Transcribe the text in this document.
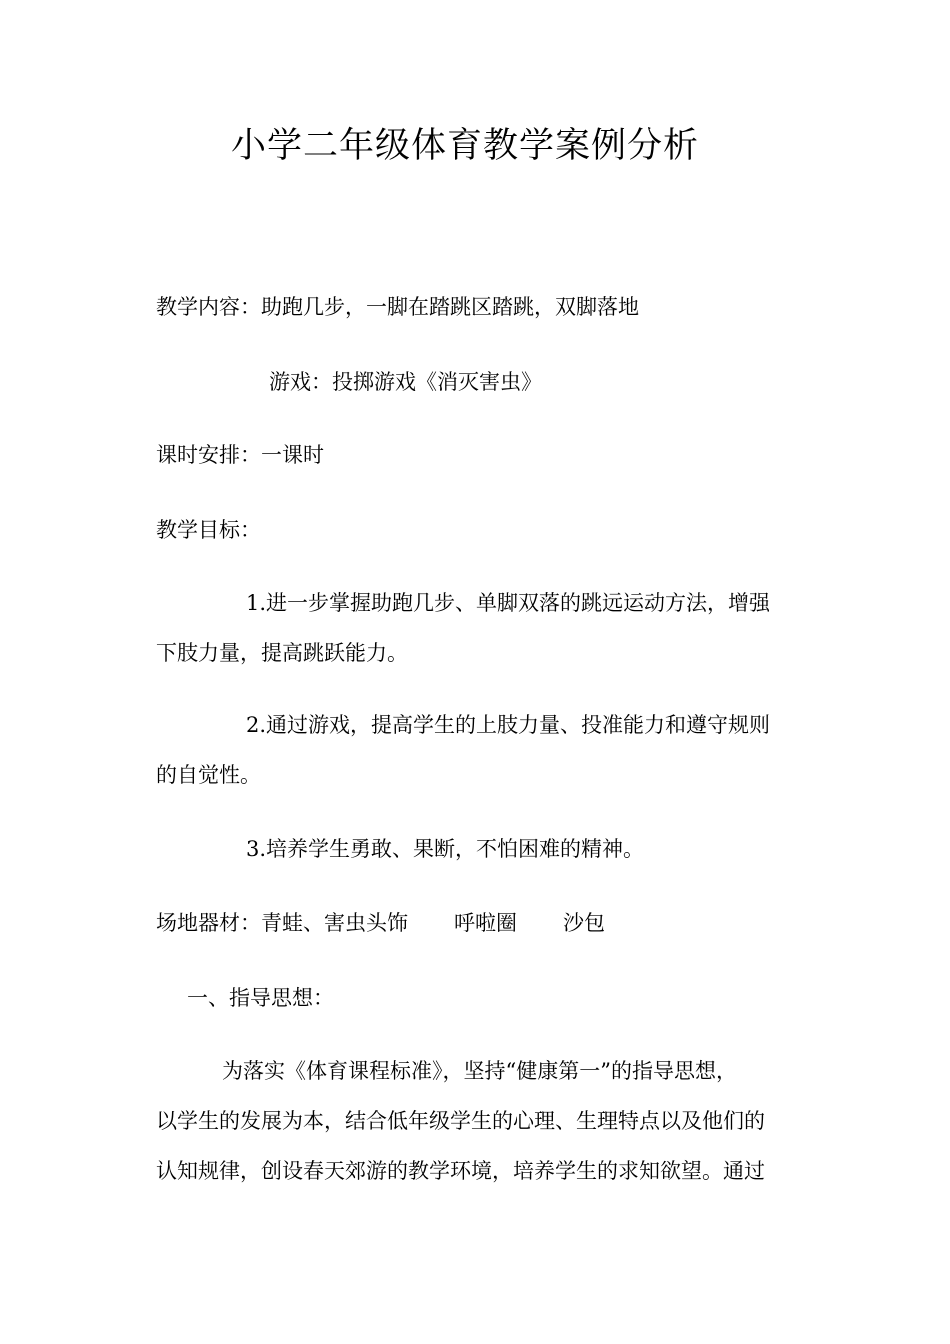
小学二年级体育教学案例分析
教学内容：助跑几步，一脚在踏跳区踏跳，双脚落地
游戏：投掷游戏《消灭害虫》
课时安排：一课时
教学目标：
1.进一步掌握助跑几步、单脚双落的跳远运动方法，增强
下肢力量，提高跳跃能力。
2.通过游戏，提高学生的上肢力量、投准能力和遵守规则
的自觉性。
3.培养学生勇敢、果断，不怕困难的精神。
场地器材：青蛙、害虫头饰 呼啦圈 沙包
一、指导思想：
为落实《体育课程标准》，坚持“健康第一”的指导思想，
以学生的发展为本，结合低年级学生的心理、生理特点以及他们的
认知规律，创设春天郊游的教学环境，培养学生的求知欲望。通过
